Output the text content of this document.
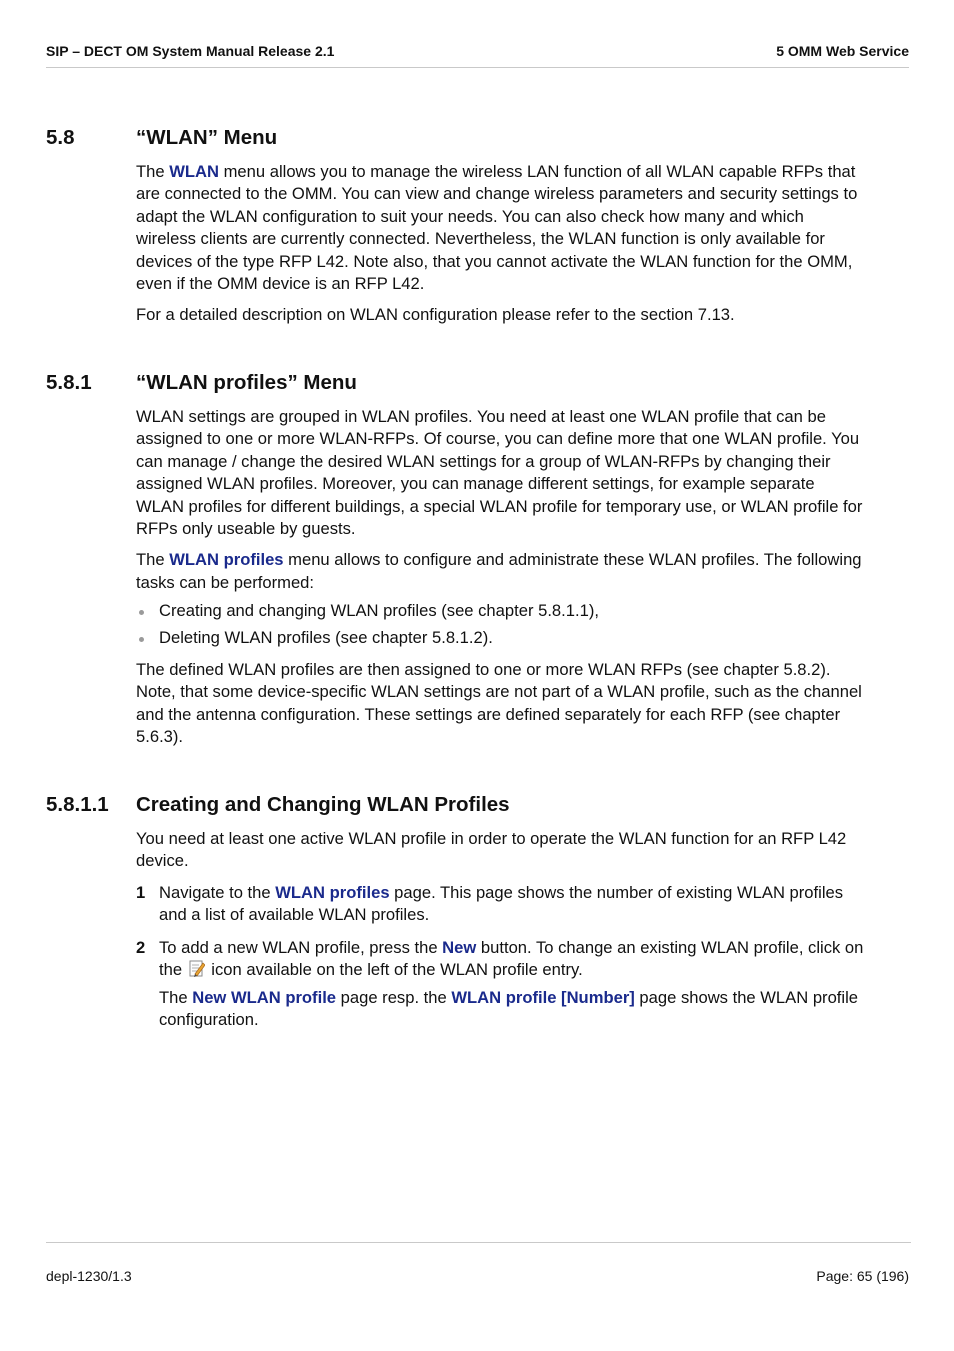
SIP – DECT OM System Manual Release 2.1	5 OMM Web Service
5.8	“WLAN” Menu

The WLAN menu allows you to manage the wireless LAN function of all WLAN capable RFPs that are connected to the OMM. You can view and change wireless parameters and security settings to adapt the WLAN configuration to suit your needs. You can also check how many and which wireless clients are currently connected. Nevertheless, the WLAN function is only available for devices of the type RFP L42. Note also, that you cannot activate the WLAN function for the OMM, even if the OMM device is an RFP L42.

For a detailed description on WLAN configuration please refer to the section 7.13.

5.8.1 “WLAN profiles” Menu

WLAN settings are grouped in WLAN profiles. You need at least one WLAN profile that can be assigned to one or more WLAN-RFPs. Of course, you can define more that one WLAN profile. You can manage / change the desired WLAN settings for a group of WLAN-RFPs by changing their assigned WLAN profiles. Moreover, you can manage different settings, for example separate WLAN profiles for different buildings, a special WLAN profile for temporary use, or WLAN profile for RFPs only useable by guests.

The WLAN profiles menu allows to configure and administrate these WLAN profiles. The following tasks can be performed:

Creating and changing WLAN profiles (see chapter 5.8.1.1),
Deleting WLAN profiles (see chapter 5.8.1.2).
The defined WLAN profiles are then assigned to one or more WLAN RFPs (see chapter 5.8.2). Note, that some device-specific WLAN settings are not part of a WLAN profile, such as the channel and the antenna configuration. These settings are defined separately for each RFP (see chapter 5.6.3).
5.8.1.1 Creating and Changing WLAN Profiles
You need at least one active WLAN profile in order to operate the WLAN function for an RFP L42 device.
1 Navigate to the WLAN profiles page. This page shows the number of existing WLAN profiles and a list of available WLAN profiles.
2 To add a new WLAN profile, press the New button. To change an existing WLAN profile, click on the  icon available on the left of the WLAN profile entry.
The New WLAN profile page resp. the WLAN profile [Number] page shows the WLAN profile configuration.
depl-1230/1.3	Page: 65 (196)
